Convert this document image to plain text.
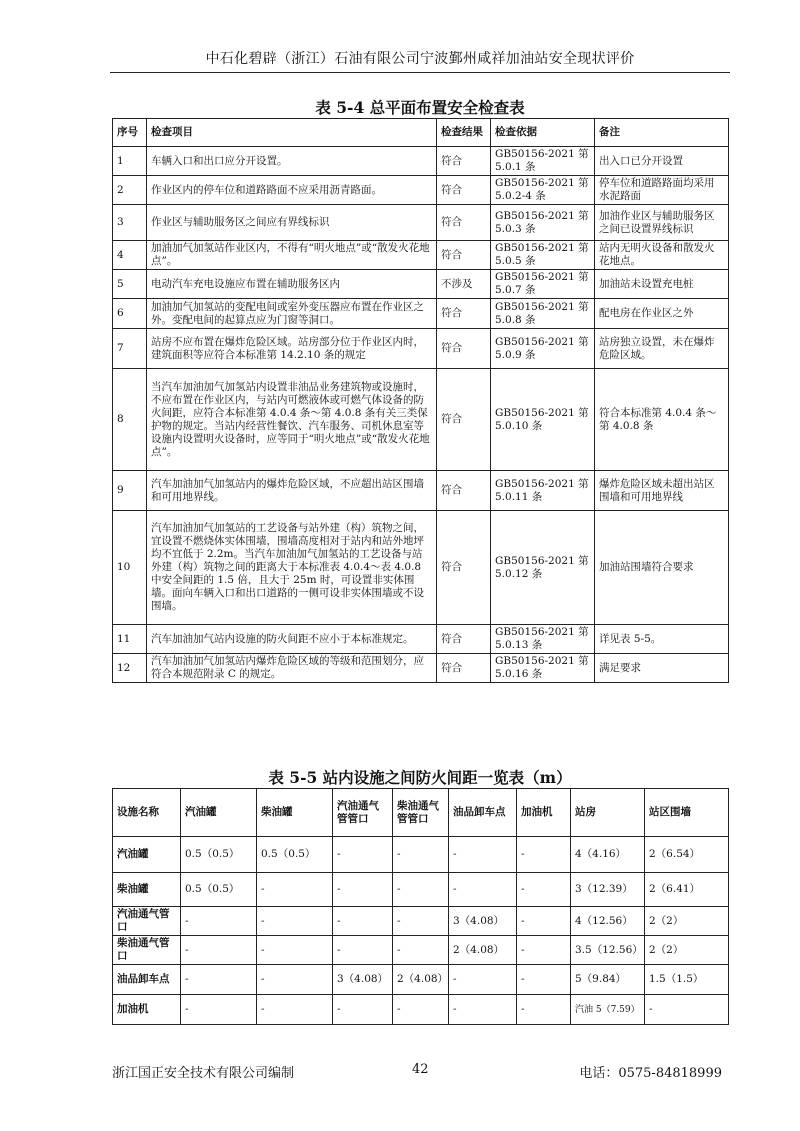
中石化碧辟（浙江）石油有限公司宁波鄞州咸祥加油站安全现状评价
表 5-4 总平面布置安全检查表
序号	检查项目	检查结果	检查依据	备注
1	车辆入口和出口应分开设置。	符合	GB50156-2021 第 5.0.1 条	出入口已分开设置
2	作业区内的停车位和道路路面不应采用沥青路面。	符合	GB50156-2021 第 5.0.2-4 条	停车位和道路路面均采用水泥路面
3	作业区与辅助服务区之间应有界线标识	符合	GB50156-2021 第 5.0.3 条	加油作业区与辅助服务区之间已设置界线标识
4	加油加气加氢站作业区内，不得有“明火地点”或“散发火花地点”。	符合	GB50156-2021 第 5.0.5 条	站内无明火设备和散发火花地点。
5	电动汽车充电设施应布置在辅助服务区内	不涉及	GB50156-2021 第 5.0.7 条	加油站未设置充电桩
6	加油加气加氢站的变配电间或室外变压器应布置在作业区之外。变配电间的起算点应为门窗等洞口。	符合	GB50156-2021 第 5.0.8 条	配电房在作业区之外
7	站房不应布置在爆炸危险区域。站房部分位于作业区内时，建筑面积等应符合本标准第 14.2.10 条的规定	符合	GB50156-2021 第 5.0.9 条	站房独立设置，未在爆炸危险区域。
8	当汽车加油加气加氢站内设置非油品业务建筑物或设施时，不应布置在作业区内，与站内可燃液体或可燃气体设备的防火间距，应符合本标准第 4.0.4 条～第 4.0.8 条有关三类保护物的规定。当站内经营性餐饮、汽车服务、司机休息室等设施内设置明火设备时，应等同于“明火地点”或“散发火花地点”。	符合	GB50156-2021 第 5.0.10 条	符合本标准第 4.0.4 条～第 4.0.8 条
9	汽车加油加气加氢站内的爆炸危险区域，不应超出站区围墙和可用地界线。	符合	GB50156-2021 第 5.0.11 条	爆炸危险区域未超出站区围墙和可用地界线
10	汽车加油加气加氢站的工艺设备与站外建（构）筑物之间，宜设置不燃烧体实体围墙，围墙高度相对于站内和站外地坪均不宜低于 2.2m。当汽车加油加气加氢站的工艺设备与站外建（构）筑物之间的距离大于本标准表 4.0.4～表 4.0.8 中安全间距的 1.5 倍，且大于 25m 时，可设置非实体围墙。面向车辆入口和出口道路的一侧可设非实体围墙或不设围墙。	符合	GB50156-2021 第 5.0.12 条	加油站围墙符合要求
11	汽车加油加气站内设施的防火间距不应小于本标准规定。	符合	GB50156-2021 第 5.0.13 条	详见表 5-5。
12	汽车加油加气加氢站内爆炸危险区域的等级和范围划分，应符合本规范附录 C 的规定。	符合	GB50156-2021 第 5.0.16 条	满足要求
表 5-5 站内设施之间防火间距一览表（m）
设施名称	汽油罐	柴油罐	汽油通气管管口	柴油通气管管口	油品卸车点	加油机	站房	站区围墙
汽油罐	0.5（0.5）	0.5（0.5）	-	-	-	-	4（4.16）	2（6.54）
柴油罐	0.5（0.5）	-	-	-	-	-	3（12.39）	2（6.41）
汽油通气管口	-	-	-	-	3（4.08）	-	4（12.56）	2（2）
柴油通气管口	-	-	-	-	2（4.08）	-	3.5（12.56）	2（2）
油品卸车点	-	-	3（4.08）	2（4.08）	-	-	5（9.84）	1.5（1.5）
加油机	-	-	-	-	-	-	汽油 5（7.59）	-
浙江国正安全技术有限公司编制	42	电话：0575-84818999
